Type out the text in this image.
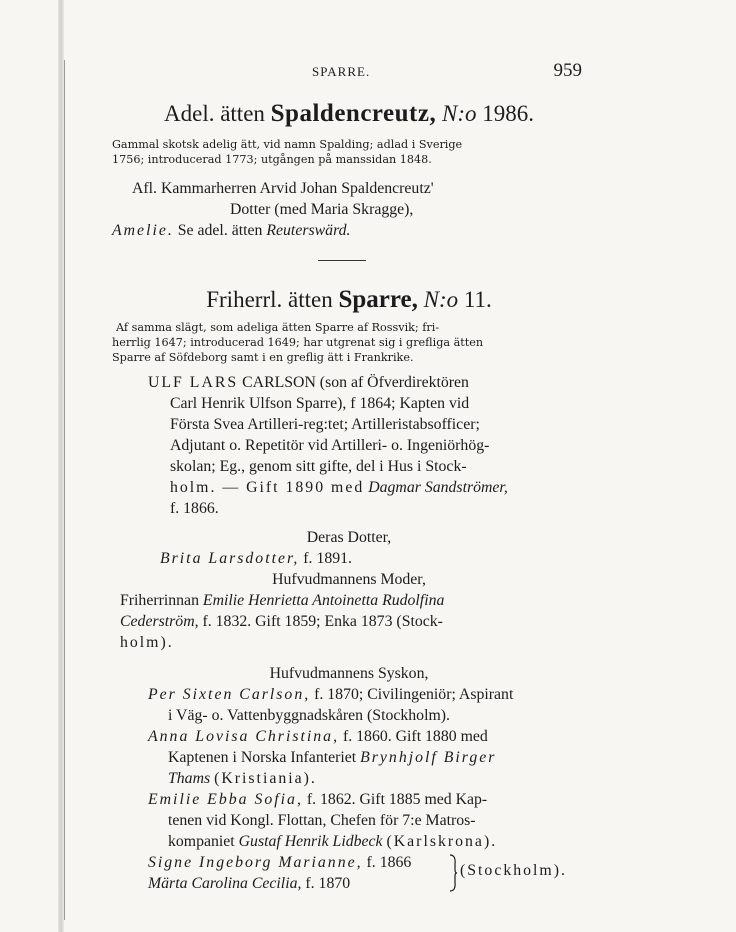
SPARRE.	959
Adel. ätten Spaldencreutz, N:o 1986.
Gammal skotsk adelig ätt, vid namn Spalding; adlad i Sverige
1756; introducerad 1773; utgången på manssidan 1848.
Afl. Kammarherren Arvid Johan Spaldencreutz'
Dotter (med Maria Skragge),
Amelie. Se adel. ätten Reuterswärd.
Friherrl. ätten Sparre, N:o 11.
Af samma slägt, som adeliga ätten Sparre af Rossvik; fri-
herrlig 1647; introducerad 1649; har utgrenat sig i grefliga ätten
Sparre af Söfdeborg samt i en greflig ätt i Frankrike.
ULF LARS CARLSON (son af Öfverdirektören
Carl Henrik Ulfson Sparre), f 1864; Kapten vid
Första Svea Artilleri-reg:tet; Artilleristabsofficer;
Adjutant o. Repetitör vid Artilleri- o. Ingeniörhög-
skolan; Eg., genom sitt gifte, del i Hus i Stock-
holm. — Gift 1890 med Dagmar Sandströmer,
f. 1866.
Deras Dotter,
Brita Larsdotter, f. 1891.
Hufvudmannens Moder,
Friherrinnan Emilie Henrietta Antoinetta Rudolfina
Cederström, f. 1832. Gift 1859; Enka 1873 (Stock-
holm).
Hufvudmannens Syskon,
Per Sixten Carlson, f. 1870; Civilingeniör; Aspirant
i Väg- o. Vattenbyggnadskåren (Stockholm).
Anna Lovisa Christina, f. 1860. Gift 1880 med
Kaptenen i Norska Infanteriet Brynhjolf Birger
Thams (Kristiania).
Emilie Ebba Sofia, f. 1862. Gift 1885 med Kap-
tenen vid Kongl. Flottan, Chefen för 7:e Matros-
kompaniet Gustaf Henrik Lidbeck (Karlskrona).
Signe Ingeborg Marianne, f. 1866
Märta Carolina Cecilia, f. 1870
(Stockholm).
